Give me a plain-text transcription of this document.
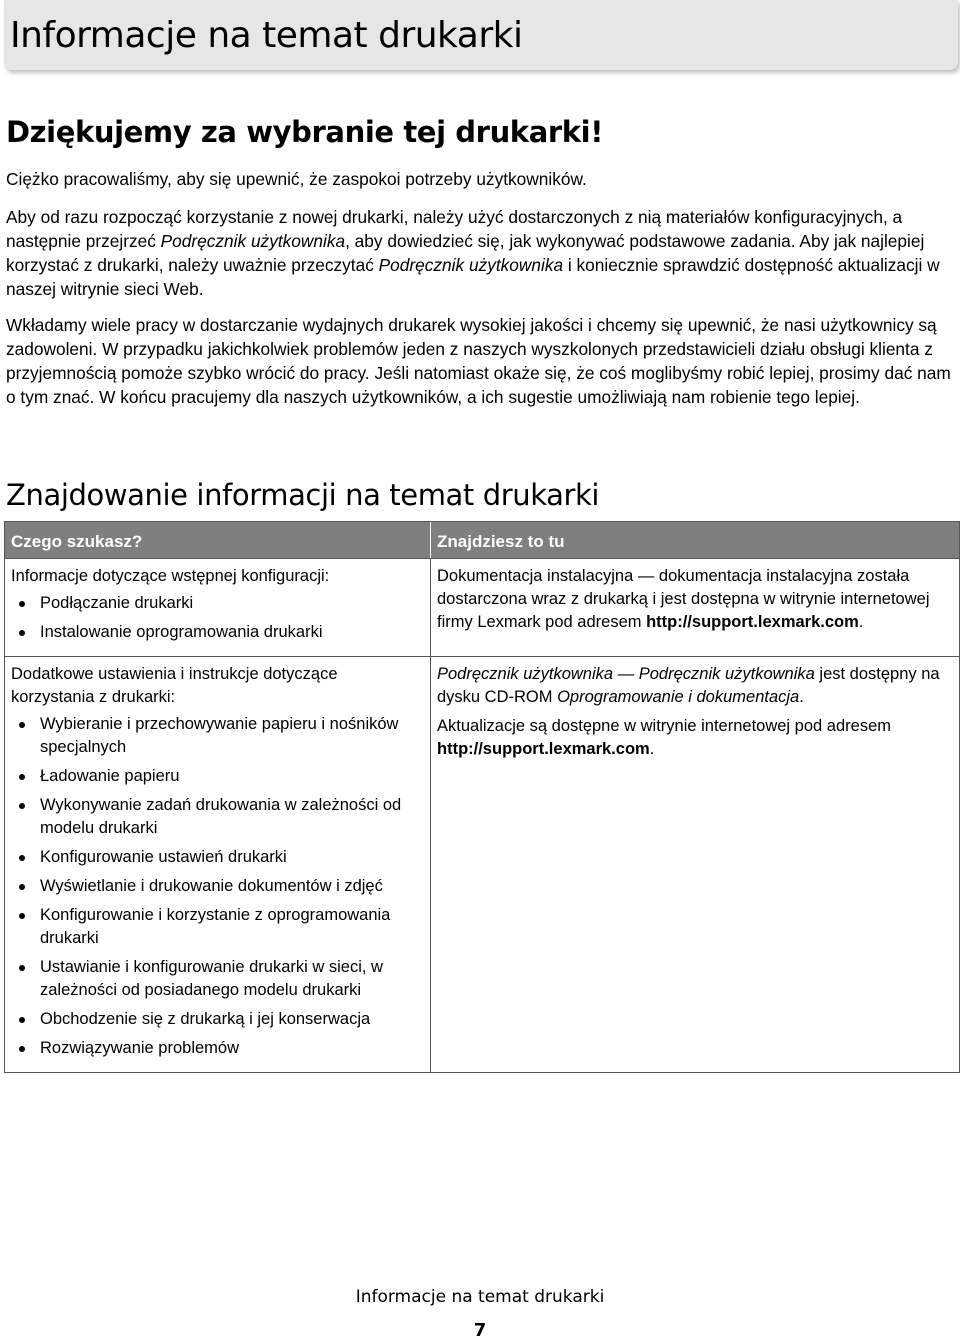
Informacje na temat drukarki
Dziękujemy za wybranie tej drukarki!

Ciężko pracowaliśmy, aby się upewnić, że zaspokoi potrzeby użytkowników.

Aby od razu rozpocząć korzystanie z nowej drukarki, należy użyć dostarczonych z nią materiałów konfiguracyjnych, a następnie przejrzeć Podręcznik użytkownika, aby dowiedzieć się, jak wykonywać podstawowe zadania. Aby jak najlepiej korzystać z drukarki, należy uważnie przeczytać Podręcznik użytkownika i koniecznie sprawdzić dostępność aktualizacji w naszej witrynie sieci Web.

Wkładamy wiele pracy w dostarczanie wydajnych drukarek wysokiej jakości i chcemy się upewnić, że nasi użytkownicy są zadowoleni. W przypadku jakichkolwiek problemów jeden z naszych wyszkolonych przedstawicieli działu obsługi klienta z przyjemnością pomoże szybko wrócić do pracy. Jeśli natomiast okaże się, że coś moglibyśmy robić lepiej, prosimy dać nam o tym znać. W końcu pracujemy dla naszych użytkowników, a ich sugestie umożliwiają nam robienie tego lepiej.

Znajdowanie informacji na temat drukarki
Czego szukasz?	Znajdziesz to tu
Informacje dotyczące wstępnej konfiguracji:
Podłączanie drukarki
Instalowanie oprogramowania drukarki
Dokumentacja instalacyjna — dokumentacja instalacyjna została dostarczona wraz z drukarką i jest dostępna w witrynie internetowej firmy Lexmark pod adresem http://support.lexmark.com.
Dodatkowe ustawienia i instrukcje dotyczące korzystania z drukarki:
Wybieranie i przechowywanie papieru i nośników specjalnych
Ładowanie papieru
Wykonywanie zadań drukowania w zależności od modelu drukarki
Konfigurowanie ustawień drukarki
Wyświetlanie i drukowanie dokumentów i zdjęć
Konfigurowanie i korzystanie z oprogramowania drukarki
Ustawianie i konfigurowanie drukarki w sieci, w zależności od posiadanego modelu drukarki
Obchodzenie się z drukarką i jej konserwacja
Rozwiązywanie problemów
Podręcznik użytkownika — Podręcznik użytkownika jest dostępny na dysku CD-ROM Oprogramowanie i dokumentacja.
Aktualizacje są dostępne w witrynie internetowej pod adresem http://support.lexmark.com.
Informacje na temat drukarki
7
